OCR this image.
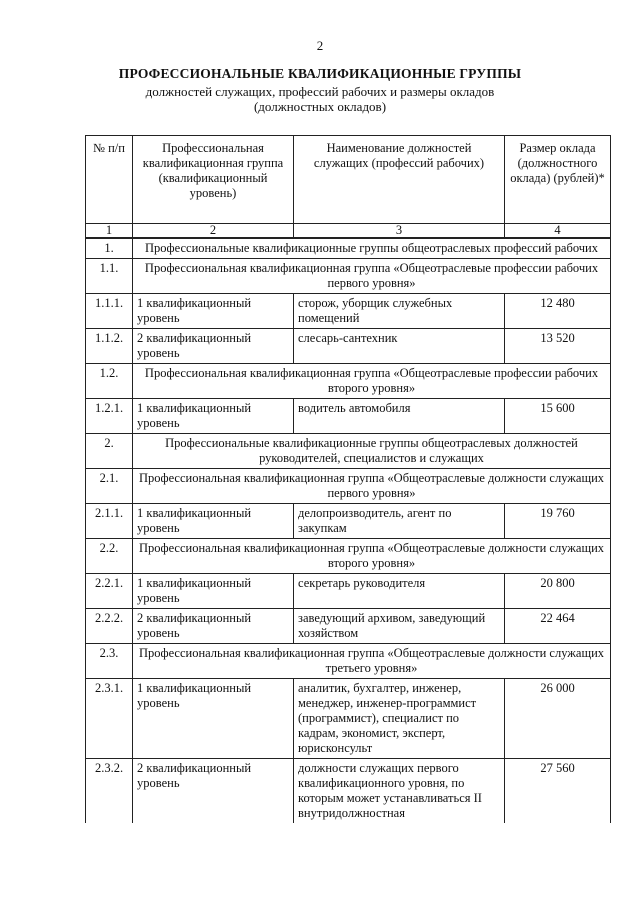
2
ПРОФЕССИОНАЛЬНЫЕ КВАЛИФИКАЦИОННЫЕ ГРУППЫ
должностей служащих, профессий рабочих и размеры окладов
(должностных окладов)
№ п/п	Профессиональная квалификационная группа (квалификационный уровень)	Наименование должностей служащих (профессий рабочих)	Размер оклада (должностного оклада) (рублей)*
1	2	3	4
1.	Профессиональные квалификационные группы общеотраслевых профессий рабочих		
1.1.	Профессиональная квалификационная группа «Общеотраслевые профессии рабочих первого уровня»		
1.1.1.	1 квалификационный уровень	сторож, уборщик служебных помещений	12 480
1.1.2.	2 квалификационный уровень	слесарь-сантехник	13 520
1.2.	Профессиональная квалификационная группа «Общеотраслевые профессии рабочих второго уровня»		
1.2.1.	1 квалификационный уровень	водитель автомобиля	15 600
2.	Профессиональные квалификационные группы общеотраслевых должностей руководителей, специалистов и служащих		
2.1.	Профессиональная квалификационная группа «Общеотраслевые должности служащих первого уровня»		
2.1.1.	1 квалификационный уровень	делопроизводитель, агент по закупкам	19 760
2.2.	Профессиональная квалификационная группа «Общеотраслевые должности служащих второго уровня»		
2.2.1.	1 квалификационный уровень	секретарь руководителя	20 800
2.2.2.	2 квалификационный уровень	заведующий архивом, заведующий хозяйством	22 464
2.3.	Профессиональная квалификационная группа «Общеотраслевые должности служащих третьего уровня»		
2.3.1.	1 квалификационный уровень	аналитик, бухгалтер, инженер, менеджер, инженер-программист (программист), специалист по кадрам, экономист, эксперт, юрисконсульт	26 000
2.3.2.	2 квалификационный уровень	должности служащих первого квалификационного уровня, по которым может устанавливаться II внутридолжностная	27 560
